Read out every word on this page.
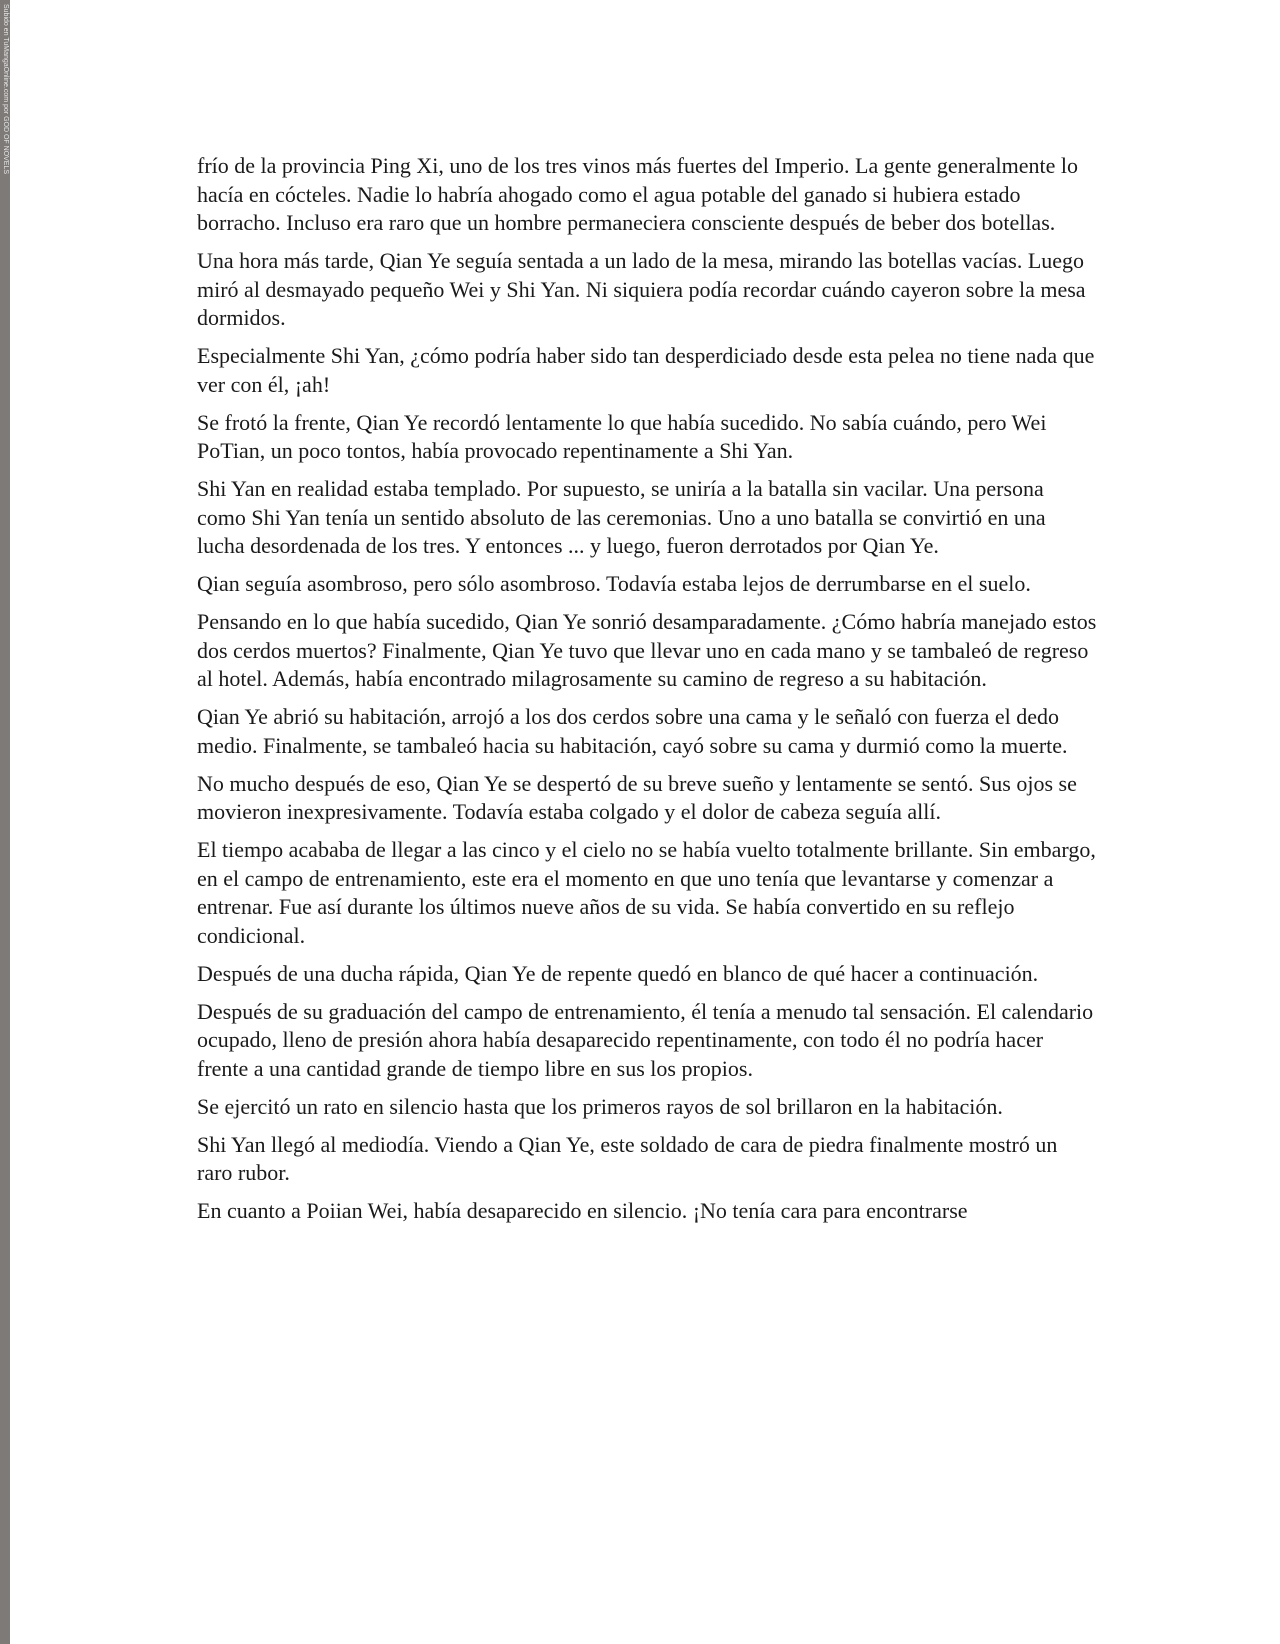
Subido en TuMangaOnline.com por GOD OF NOVELS	frío de la provincia Ping Xi, uno de los tres vinos más fuertes del Imperio. La gente generalmente lo hacía en cócteles. Nadie lo habría ahogado como el agua potable del ganado si hubiera estado borracho. Incluso era raro que un hombre permaneciera consciente después de beber dos botellas.

Una hora más tarde, Qian Ye seguía sentada a un lado de la mesa, mirando las botellas vacías. Luego miró al desmayado pequeño Wei y Shi Yan. Ni siquiera podía recordar cuándo cayeron sobre la mesa dormidos.

Especialmente Shi Yan, ¿cómo podría haber sido tan desperdiciado desde esta pelea no tiene nada que ver con él, ¡ah!

Se frotó la frente, Qian Ye recordó lentamente lo que había sucedido. No sabía cuándo, pero Wei PoTian, un poco tontos, había provocado repentinamente a Shi Yan.

Shi Yan en realidad estaba templado. Por supuesto, se uniría a la batalla sin vacilar. Una persona como Shi Yan tenía un sentido absoluto de las ceremonias. Uno a uno batalla se convirtió en una lucha desordenada de los tres. Y entonces ... y luego, fueron derrotados por Qian Ye.

Qian seguía asombroso, pero sólo asombroso. Todavía estaba lejos de derrumbarse en el suelo.

Pensando en lo que había sucedido, Qian Ye sonrió desamparadamente. ¿Cómo habría manejado estos dos cerdos muertos? Finalmente, Qian Ye tuvo que llevar uno en cada mano y se tambaleó de regreso al hotel. Además, había encontrado milagrosamente su camino de regreso a su habitación.

Qian Ye abrió su habitación, arrojó a los dos cerdos sobre una cama y le señaló con fuerza el dedo medio. Finalmente, se tambaleó hacia su habitación, cayó sobre su cama y durmió como la muerte.

No mucho después de eso, Qian Ye se despertó de su breve sueño y lentamente se sentó. Sus ojos se movieron inexpresivamente. Todavía estaba colgado y el dolor de cabeza seguía allí.

El tiempo acababa de llegar a las cinco y el cielo no se había vuelto totalmente brillante. Sin embargo, en el campo de entrenamiento, este era el momento en que uno tenía que levantarse y comenzar a entrenar. Fue así durante los últimos nueve años de su vida. Se había convertido en su reflejo condicional.

Después de una ducha rápida, Qian Ye de repente quedó en blanco de qué hacer a continuación.

Después de su graduación del campo de entrenamiento, él tenía a menudo tal sensación. El calendario ocupado, lleno de presión ahora había desaparecido repentinamente, con todo él no podría hacer frente a una cantidad grande de tiempo libre en sus los propios.

Se ejercitó un rato en silencio hasta que los primeros rayos de sol brillaron en la habitación.

Shi Yan llegó al mediodía. Viendo a Qian Ye, este soldado de cara de piedra finalmente mostró un raro rubor.

En cuanto a Poiian Wei, había desaparecido en silencio. ¡No tenía cara para encontrarse
